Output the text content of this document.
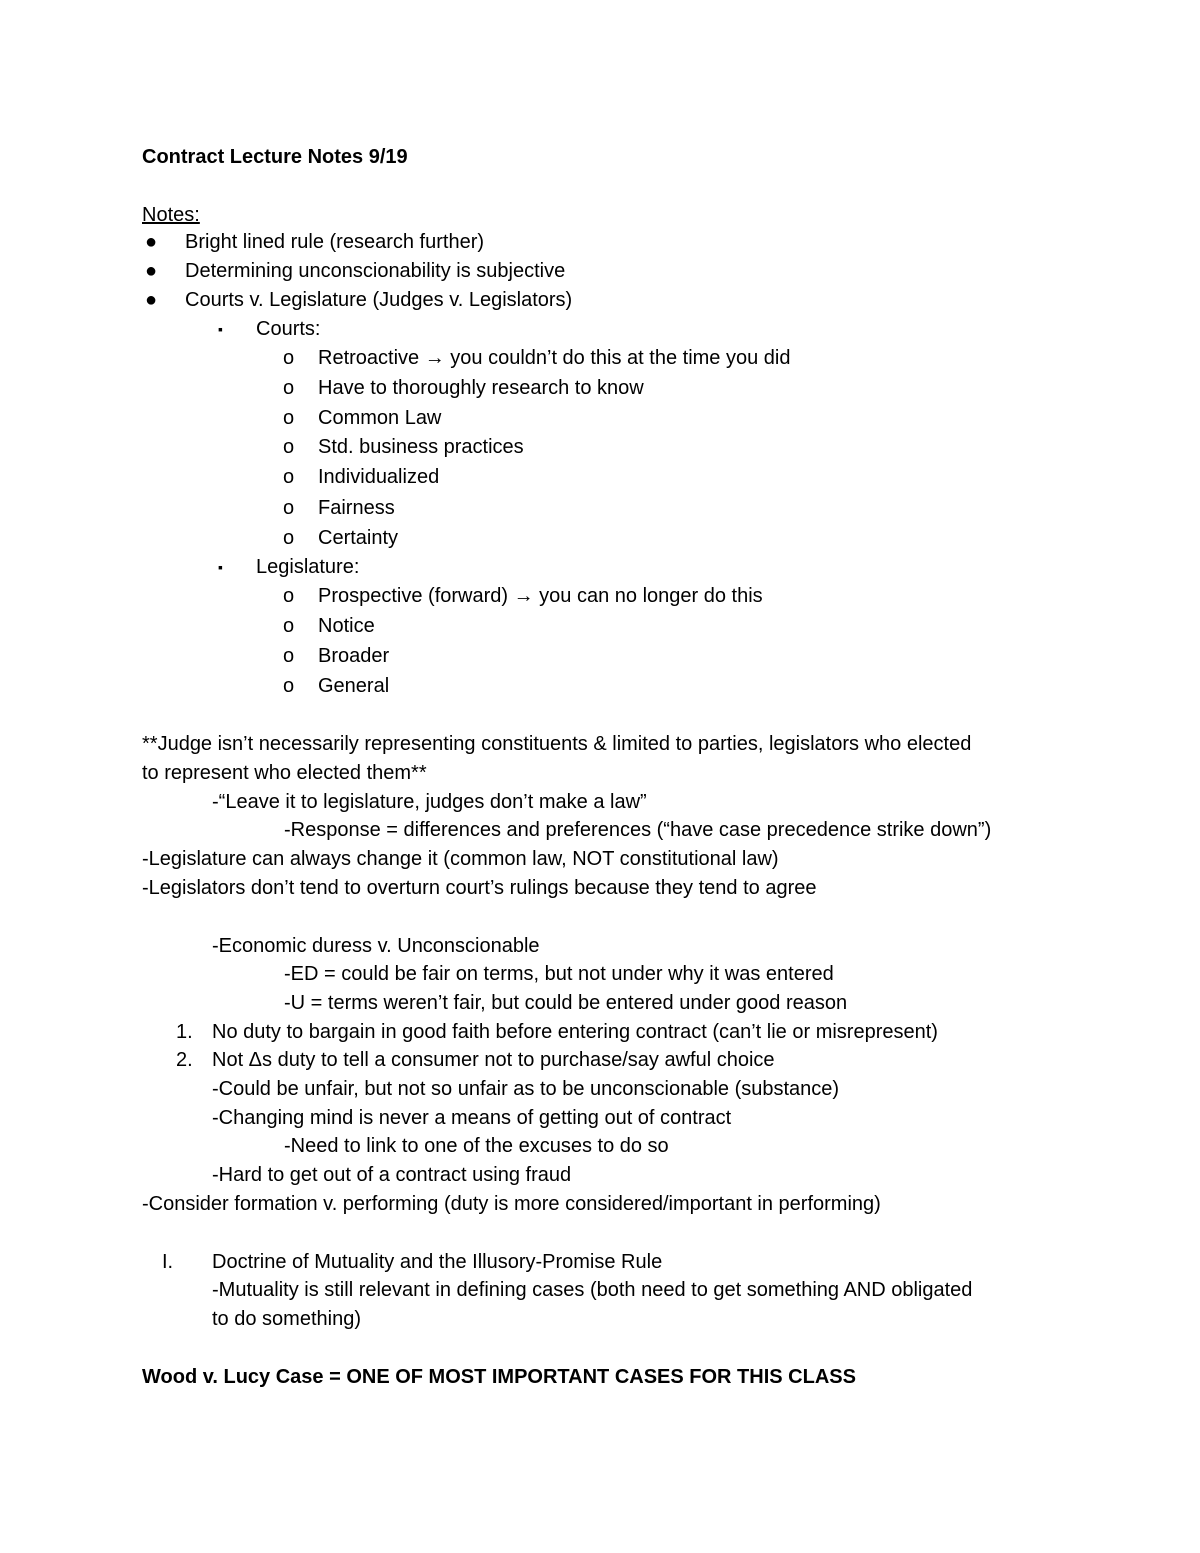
Contract Lecture Notes 9/19
Notes:
● Bright lined rule (research further)
● Determining unconscionability is subjective
● Courts v. Legislature (Judges v. Legislators)
▪ Courts:
o Retroactive → you couldn’t do this at the time you did
o Have to thoroughly research to know
o Common Law
o Std. business practices
o Individualized
o Fairness
o Certainty
▪ Legislature:
o Prospective (forward) → you can no longer do this
o Notice
o Broader
o General
**Judge isn’t necessarily representing constituents & limited to parties, legislators who elected
to represent who elected them**
-“Leave it to legislature, judges don’t make a law”
-Response = differences and preferences (“have case precedence strike down”)
-Legislature can always change it (common law, NOT constitutional law)
-Legislators don’t tend to overturn court’s rulings because they tend to agree
-Economic duress v. Unconscionable
-ED = could be fair on terms, but not under why it was entered
-U = terms weren’t fair, but could be entered under good reason
1. No duty to bargain in good faith before entering contract (can’t lie or misrepresent)
2. Not Δs duty to tell a consumer not to purchase/say awful choice
-Could be unfair, but not so unfair as to be unconscionable (substance)
-Changing mind is never a means of getting out of contract
-Need to link to one of the excuses to do so
-Hard to get out of a contract using fraud
-Consider formation v. performing (duty is more considered/important in performing)
I. Doctrine of Mutuality and the Illusory-Promise Rule
-Mutuality is still relevant in defining cases (both need to get something AND obligated
to do something)
Wood v. Lucy Case = ONE OF MOST IMPORTANT CASES FOR THIS CLASS
